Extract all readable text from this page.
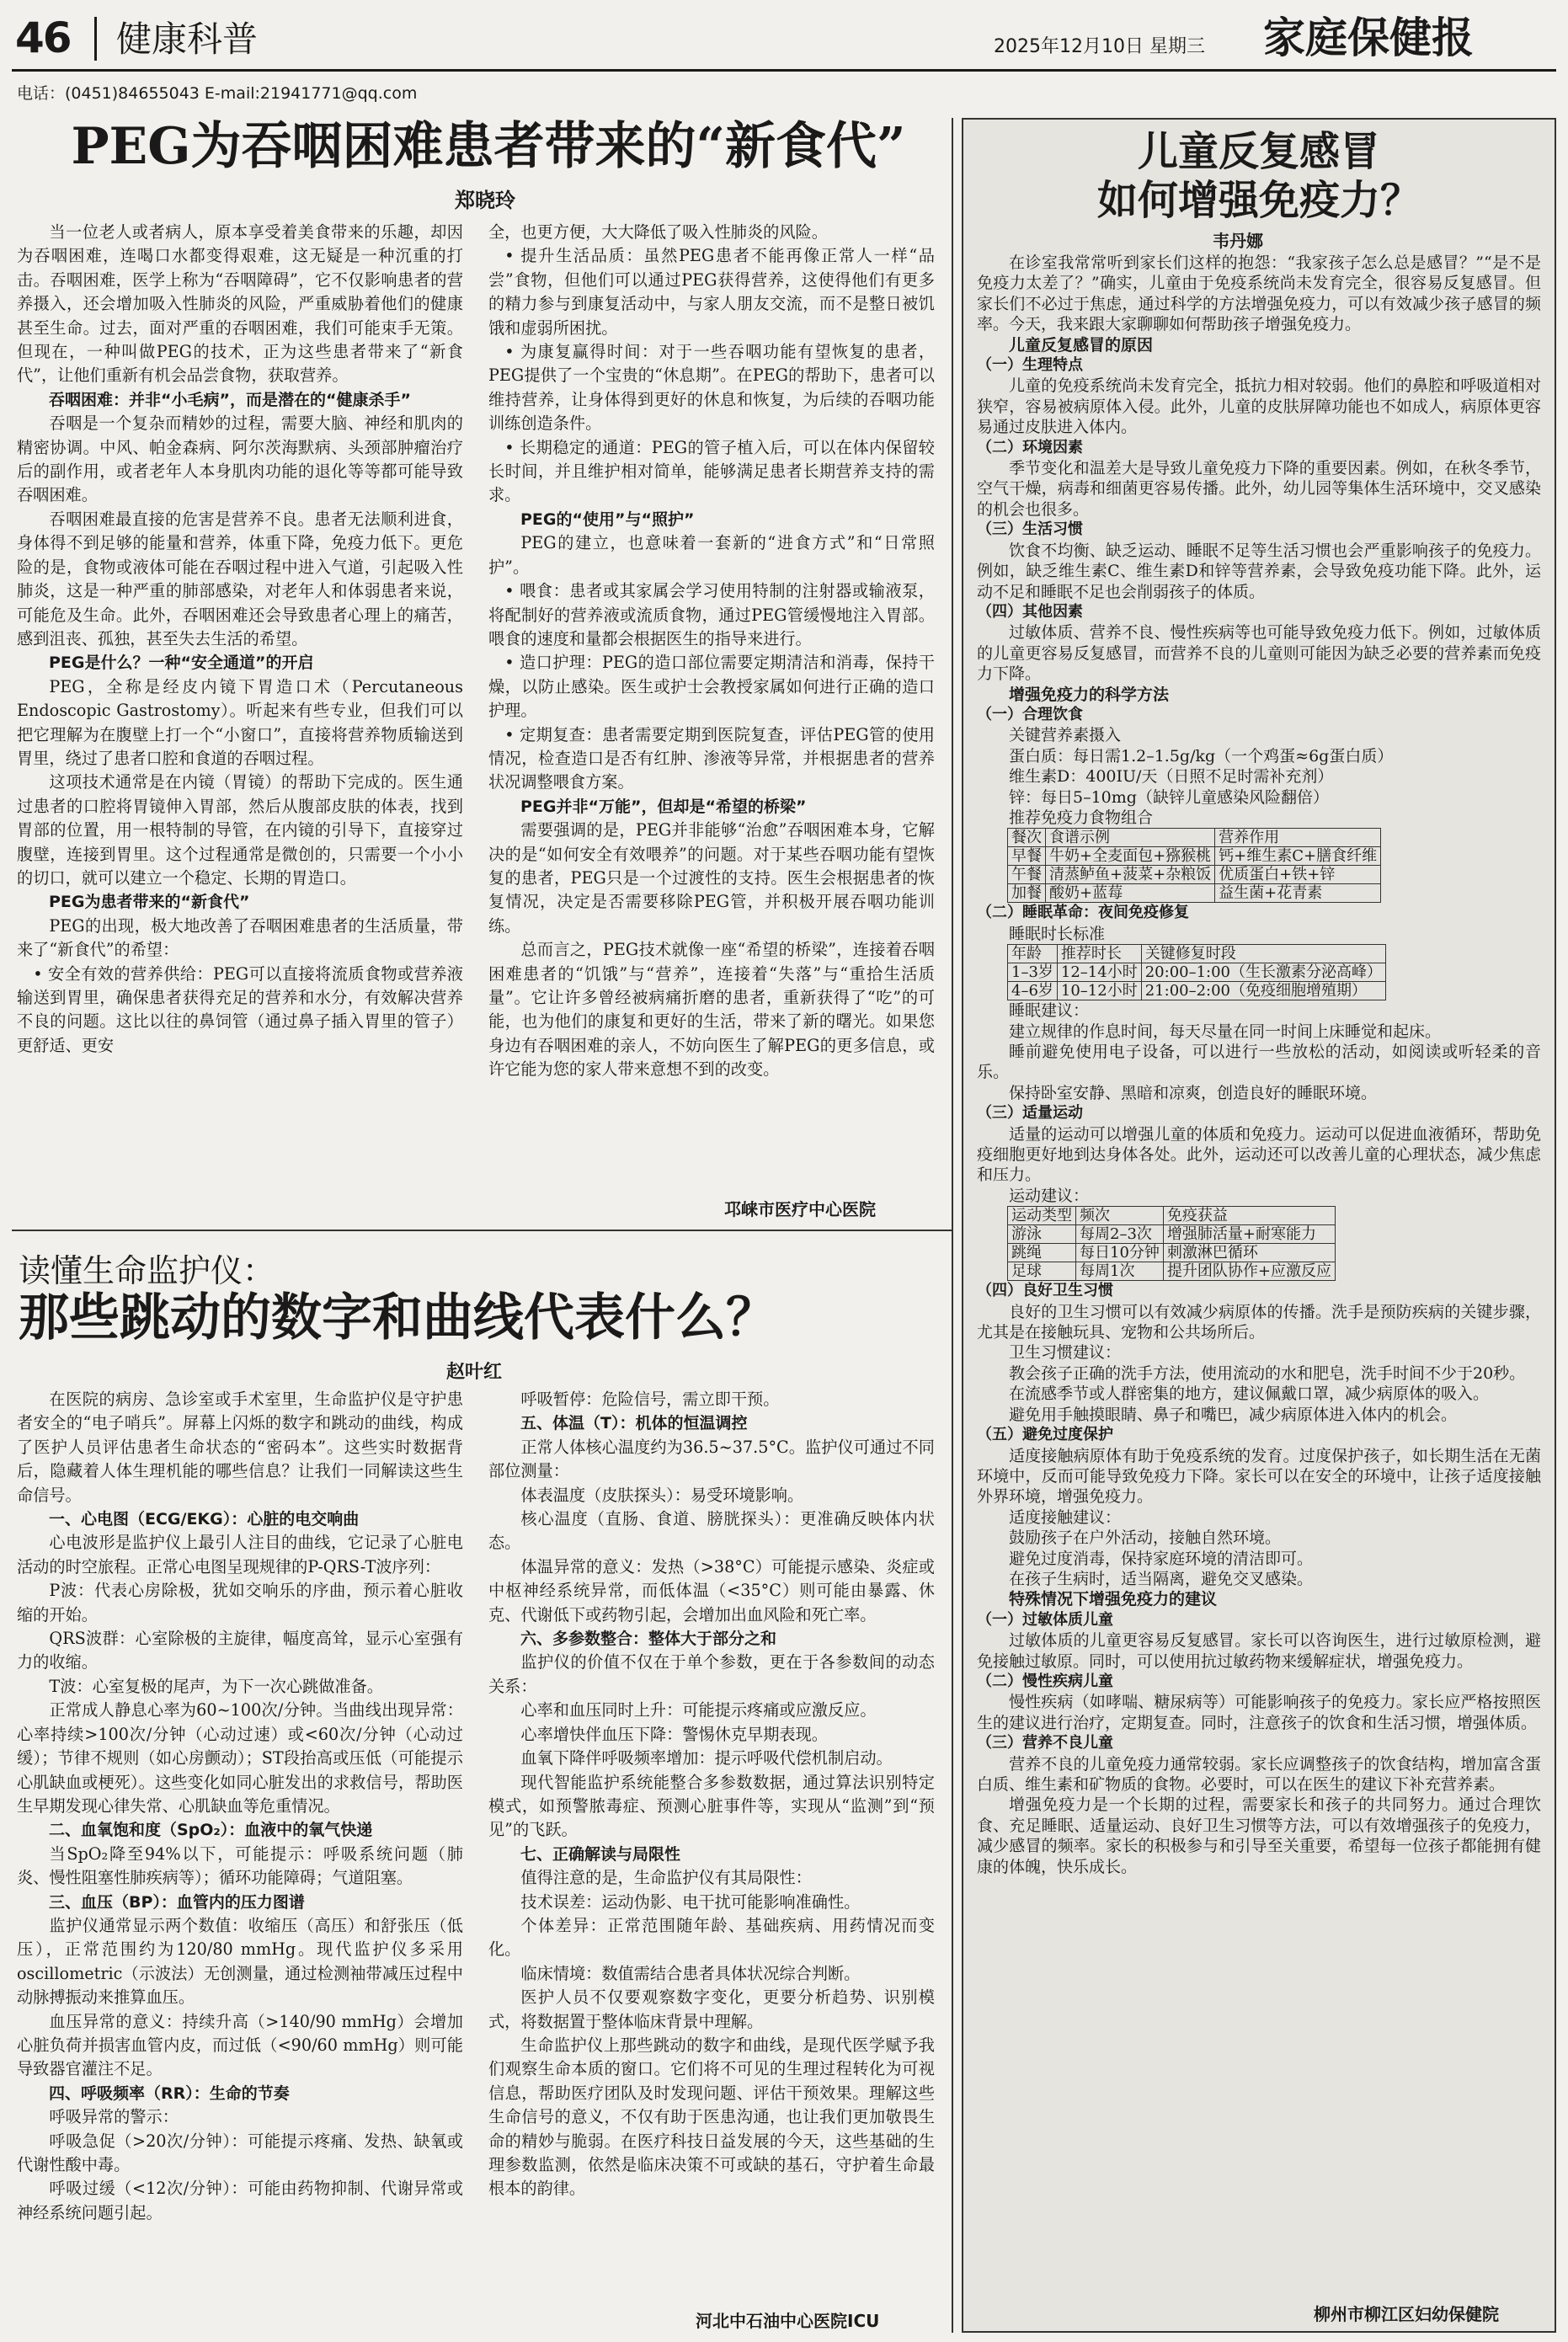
46 健康科普	2025年12月10日 星期三 家庭保健报
电话：(0451)84655043 E-mail:21941771@qq.com
PEG为吞咽困难患者带来的“新食代”
郑晓玲

当一位老人或者病人，原本享受着美食带来的乐趣，却因为吞咽困难，连喝口水都变得艰难，这无疑是一种沉重的打击。吞咽困难，医学上称为“吞咽障碍”，它不仅影响患者的营养摄入，还会增加吸入性肺炎的风险，严重威胁着他们的健康甚至生命。过去，面对严重的吞咽困难，我们可能束手无策。但现在，一种叫做PEG的技术，正为这些患者带来了“新食代”，让他们重新有机会品尝食物，获取营养。

吞咽困难：并非“小毛病”，而是潜在的“健康杀手”

吞咽是一个复杂而精妙的过程，需要大脑、神经和肌肉的精密协调。中风、帕金森病、阿尔茨海默病、头颈部肿瘤治疗后的副作用，或者老年人本身肌肉功能的退化等等都可能导致吞咽困难。

吞咽困难最直接的危害是营养不良。患者无法顺利进食，身体得不到足够的能量和营养，体重下降，免疫力低下。更危险的是，食物或液体可能在吞咽过程中进入气道，引起吸入性肺炎，这是一种严重的肺部感染，对老年人和体弱患者来说，可能危及生命。此外，吞咽困难还会导致患者心理上的痛苦，感到沮丧、孤独，甚至失去生活的希望。

PEG是什么？一种“安全通道”的开启

PEG，全称是经皮内镜下胃造口术（Percutaneous Endoscopic Gastrostomy）。听起来有些专业，但我们可以把它理解为在腹壁上打一个“小窗口”，直接将营养物质输送到胃里，绕过了患者口腔和食道的吞咽过程。

这项技术通常是在内镜（胃镜）的帮助下完成的。医生通过患者的口腔将胃镜伸入胃部，然后从腹部皮肤的体表，找到胃部的位置，用一根特制的导管，在内镜的引导下，直接穿过腹壁，连接到胃里。这个过程通常是微创的，只需要一个小小的切口，就可以建立一个稳定、长期的胃造口。

PEG为患者带来的“新食代”

PEG的出现，极大地改善了吞咽困难患者的生活质量，带来了“新食代”的希望：

• 安全有效的营养供给：PEG可以直接将流质食物或营养液输送到胃里，确保患者获得充足的营养和水分，有效解决营养不良的问题。这比以往的鼻饲管（通过鼻子插入胃里的管子）更舒适、更安

全，也更方便，大大降低了吸入性肺炎的风险。

• 提升生活品质：虽然PEG患者不能再像正常人一样“品尝”食物，但他们可以通过PEG获得营养，这使得他们有更多的精力参与到康复活动中，与家人朋友交流，而不是整日被饥饿和虚弱所困扰。
• 为康复赢得时间：对于一些吞咽功能有望恢复的患者，PEG提供了一个宝贵的“休息期”。在PEG的帮助下，患者可以维持营养，让身体得到更好的休息和恢复，为后续的吞咽功能训练创造条件。
• 长期稳定的通道：PEG的管子植入后，可以在体内保留较长时间，并且维护相对简单，能够满足患者长期营养支持的需求。
PEG的“使用”与“照护”

PEG的建立，也意味着一套新的“进食方式”和“日常照护”。

• 喂食：患者或其家属会学习使用特制的注射器或输液泵，将配制好的营养液或流质食物，通过PEG管缓慢地注入胃部。喂食的速度和量都会根据医生的指导来进行。
• 造口护理：PEG的造口部位需要定期清洁和消毒，保持干燥，以防止感染。医生或护士会教授家属如何进行正确的造口护理。
• 定期复查：患者需要定期到医院复查，评估PEG管的使用情况，检查造口是否有红肿、渗液等异常，并根据患者的营养状况调整喂食方案。
PEG并非“万能”，但却是“希望的桥梁”

需要强调的是，PEG并非能够“治愈”吞咽困难本身，它解决的是“如何安全有效喂养”的问题。对于某些吞咽功能有望恢复的患者，PEG只是一个过渡性的支持。医生会根据患者的恢复情况，决定是否需要移除PEG管，并积极开展吞咽功能训练。

总而言之，PEG技术就像一座“希望的桥梁”，连接着吞咽困难患者的“饥饿”与“营养”，连接着“失落”与“重拾生活质量”。它让许多曾经被病痛折磨的患者，重新获得了“吃”的可能，也为他们的康复和更好的生活，带来了新的曙光。如果您身边有吞咽困难的亲人，不妨向医生了解PEG的更多信息，或许它能为您的家人带来意想不到的改变。

邛崃市医疗中心医院
读懂生命监护仪：
那些跳动的数字和曲线代表什么？
赵叶红

在医院的病房、急诊室或手术室里，生命监护仪是守护患者安全的“电子哨兵”。屏幕上闪烁的数字和跳动的曲线，构成了医护人员评估患者生命状态的“密码本”。这些实时数据背后，隐藏着人体生理机能的哪些信息？让我们一同解读这些生命信号。

一、心电图（ECG/EKG）：心脏的电交响曲

心电波形是监护仪上最引人注目的曲线，它记录了心脏电活动的时空旅程。正常心电图呈现规律的P-QRS-T波序列：

P波：代表心房除极，犹如交响乐的序曲，预示着心脏收缩的开始。

QRS波群：心室除极的主旋律，幅度高耸，显示心室强有力的收缩。

T波：心室复极的尾声，为下一次心跳做准备。

正常成人静息心率为60~100次/分钟。当曲线出现异常：心率持续>100次/分钟（心动过速）或<60次/分钟（心动过缓）；节律不规则（如心房颤动）；ST段抬高或压低（可能提示心肌缺血或梗死）。这些变化如同心脏发出的求救信号，帮助医生早期发现心律失常、心肌缺血等危重情况。

二、血氧饱和度（SpO₂）：血液中的氧气快递

当SpO₂降至94%以下，可能提示：呼吸系统问题（肺炎、慢性阻塞性肺疾病等）；循环功能障碍；气道阻塞。

三、血压（BP）：血管内的压力图谱

监护仪通常显示两个数值：收缩压（高压）和舒张压（低压），正常范围约为120/80 mmHg。现代监护仪多采用oscillometric（示波法）无创测量，通过检测袖带减压过程中动脉搏振动来推算血压。

血压异常的意义：持续升高（>140/90 mmHg）会增加心脏负荷并损害血管内皮，而过低（<90/60 mmHg）则可能导致器官灌注不足。

四、呼吸频率（RR）：生命的节奏

呼吸异常的警示：

呼吸急促（>20次/分钟）：可能提示疼痛、发热、缺氧或代谢性酸中毒。

呼吸过缓（<12次/分钟）：可能由药物抑制、代谢异常或神经系统问题引起。

呼吸暂停：危险信号，需立即干预。

五、体温（T）：机体的恒温调控

正常人体核心温度约为36.5~37.5°C。监护仪可通过不同部位测量：

体表温度（皮肤探头）：易受环境影响。

核心温度（直肠、食道、膀胱探头）：更准确反映体内状态。

体温异常的意义：发热（>38°C）可能提示感染、炎症或中枢神经系统异常，而低体温（<35°C）则可能由暴露、休克、代谢低下或药物引起，会增加出血风险和死亡率。

六、多参数整合：整体大于部分之和

监护仪的价值不仅在于单个参数，更在于各参数间的动态关系：

心率和血压同时上升：可能提示疼痛或应激反应。

心率增快伴血压下降：警惕休克早期表现。

血氧下降伴呼吸频率增加：提示呼吸代偿机制启动。

现代智能监护系统能整合多参数数据，通过算法识别特定模式，如预警脓毒症、预测心脏事件等，实现从“监测”到“预见”的飞跃。

七、正确解读与局限性

值得注意的是，生命监护仪有其局限性：

技术误差：运动伪影、电干扰可能影响准确性。

个体差异：正常范围随年龄、基础疾病、用药情况而变化。

临床情境：数值需结合患者具体状况综合判断。

医护人员不仅要观察数字变化，更要分析趋势、识别模式，将数据置于整体临床背景中理解。

生命监护仪上那些跳动的数字和曲线，是现代医学赋予我们观察生命本质的窗口。它们将不可见的生理过程转化为可视信息，帮助医疗团队及时发现问题、评估干预效果。理解这些生命信号的意义，不仅有助于医患沟通，也让我们更加敬畏生命的精妙与脆弱。在医疗科技日益发展的今天，这些基础的生理参数监测，依然是临床决策不可或缺的基石，守护着生命最根本的韵律。

河北中石油中心医院ICU
儿童反复感冒
如何增强免疫力？
韦丹娜

在诊室我常常听到家长们这样的抱怨：“我家孩子怎么总是感冒？”“是不是免疫力太差了？”确实，儿童由于免疫系统尚未发育完全，很容易反复感冒。但家长们不必过于焦虑，通过科学的方法增强免疫力，可以有效减少孩子感冒的频率。今天，我来跟大家聊聊如何帮助孩子增强免疫力。

儿童反复感冒的原因
（一）生理特点

儿童的免疫系统尚未发育完全，抵抗力相对较弱。他们的鼻腔和呼吸道相对狭窄，容易被病原体入侵。此外，儿童的皮肤屏障功能也不如成人，病原体更容易通过皮肤进入体内。

（二）环境因素

季节变化和温差大是导致儿童免疫力下降的重要因素。例如，在秋冬季节，空气干燥，病毒和细菌更容易传播。此外，幼儿园等集体生活环境中，交叉感染的机会也很多。

（三）生活习惯

饮食不均衡、缺乏运动、睡眠不足等生活习惯也会严重影响孩子的免疫力。例如，缺乏维生素C、维生素D和锌等营养素，会导致免疫功能下降。此外，运动不足和睡眠不足也会削弱孩子的体质。

（四）其他因素

过敏体质、营养不良、慢性疾病等也可能导致免疫力低下。例如，过敏体质的儿童更容易反复感冒，而营养不良的儿童则可能因为缺乏必要的营养素而免疫力下降。

增强免疫力的科学方法
（一）合理饮食
关键营养素摄入
蛋白质：每日需1.2–1.5g/kg（一个鸡蛋≈6g蛋白质）
维生素D：400IU/天（日照不足时需补充剂）
锌：每日5–10mg（缺锌儿童感染风险翻倍）
推荐免疫力食物组合
餐次	食谱示例	营养作用
早餐	牛奶+全麦面包+猕猴桃	钙+维生素C+膳食纤维
午餐	清蒸鲈鱼+菠菜+杂粮饭	优质蛋白+铁+锌
加餐	酸奶+蓝莓	益生菌+花青素
（二）睡眠革命：夜间免疫修复
睡眠时长标准
年龄	推荐时长	关键修复时段
1–3岁	12–14小时	20:00–1:00（生长激素分泌高峰）
4–6岁	10–12小时	21:00–2:00（免疫细胞增殖期）
睡眠建议：

建立规律的作息时间，每天尽量在同一时间上床睡觉和起床。

睡前避免使用电子设备，可以进行一些放松的活动，如阅读或听轻柔的音乐。

保持卧室安静、黑暗和凉爽，创造良好的睡眠环境。

（三）适量运动

适量的运动可以增强儿童的体质和免疫力。运动可以促进血液循环，帮助免疫细胞更好地到达身体各处。此外，运动还可以改善儿童的心理状态，减少焦虑和压力。

运动建议：
运动类型	频次	免疫获益
游泳	每周2–3次	增强肺活量+耐寒能力
跳绳	每日10分钟	刺激淋巴循环
足球	每周1次	提升团队协作+应激反应
（四）良好卫生习惯

良好的卫生习惯可以有效减少病原体的传播。洗手是预防疾病的关键步骤，尤其是在接触玩具、宠物和公共场所后。

卫生习惯建议：

教会孩子正确的洗手方法，使用流动的水和肥皂，洗手时间不少于20秒。

在流感季节或人群密集的地方，建议佩戴口罩，减少病原体的吸入。

避免用手触摸眼睛、鼻子和嘴巴，减少病原体进入体内的机会。

（五）避免过度保护

适度接触病原体有助于免疫系统的发育。过度保护孩子，如长期生活在无菌环境中，反而可能导致免疫力下降。家长可以在安全的环境中，让孩子适度接触外界环境，增强免疫力。

适度接触建议：

鼓励孩子在户外活动，接触自然环境。

避免过度消毒，保持家庭环境的清洁即可。

在孩子生病时，适当隔离，避免交叉感染。

特殊情况下增强免疫力的建议
（一）过敏体质儿童

过敏体质的儿童更容易反复感冒。家长可以咨询医生，进行过敏原检测，避免接触过敏原。同时，可以使用抗过敏药物来缓解症状，增强免疫力。

（二）慢性疾病儿童

慢性疾病（如哮喘、糖尿病等）可能影响孩子的免疫力。家长应严格按照医生的建议进行治疗，定期复查。同时，注意孩子的饮食和生活习惯，增强体质。

（三）营养不良儿童

营养不良的儿童免疫力通常较弱。家长应调整孩子的饮食结构，增加富含蛋白质、维生素和矿物质的食物。必要时，可以在医生的建议下补充营养素。

增强免疫力是一个长期的过程，需要家长和孩子的共同努力。通过合理饮食、充足睡眠、适量运动、良好卫生习惯等方法，可以有效增强孩子的免疫力，减少感冒的频率。家长的积极参与和引导至关重要，希望每一位孩子都能拥有健康的体魄，快乐成长。

柳州市柳江区妇幼保健院
